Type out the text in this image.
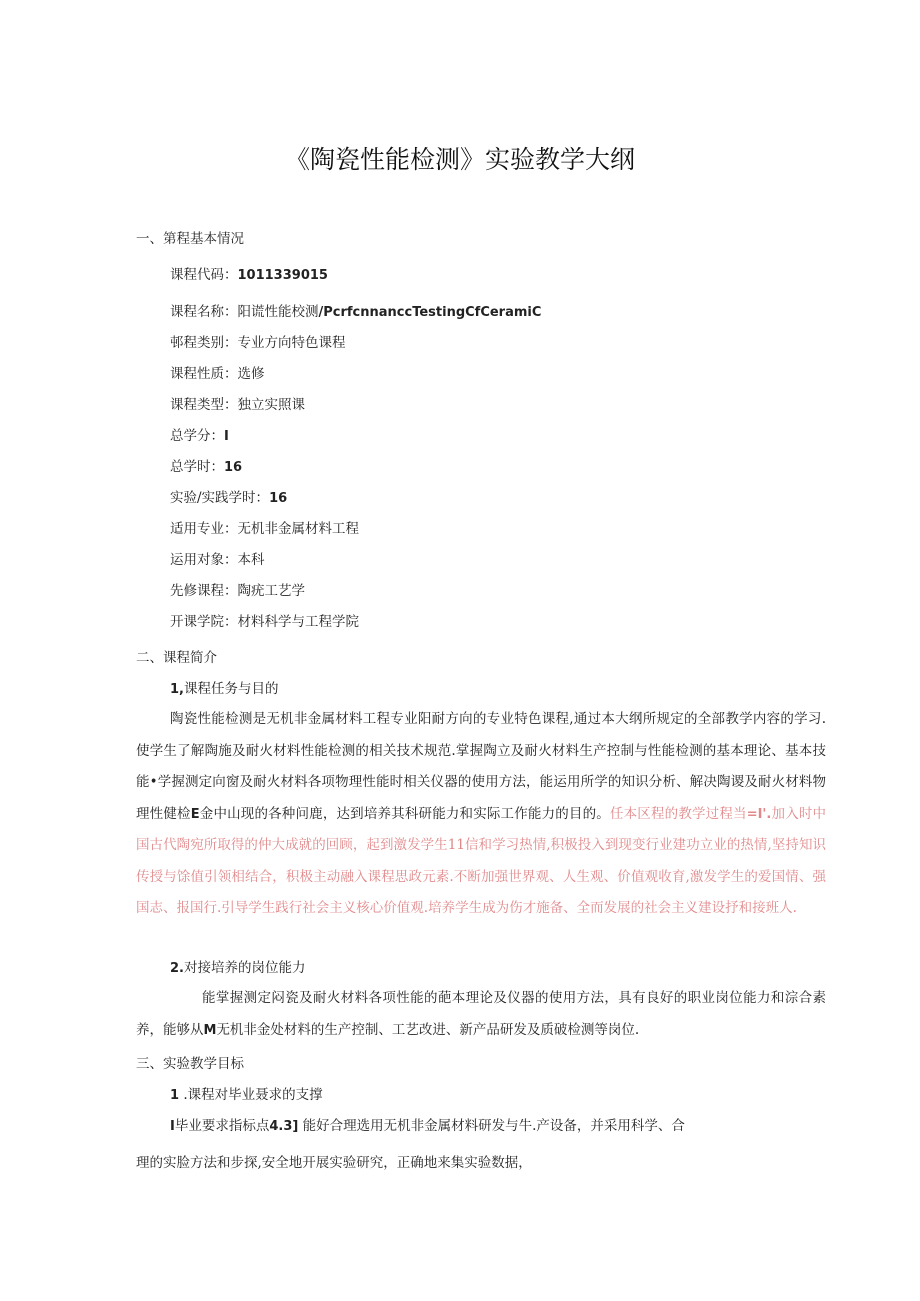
《陶瓷性能检测》实验教学大纲
一、第程基本情况
课程代码：1011339015
课程名称：阳谎性能校测/PcrfcnnanccTestingCfCeramiC
邨程类别：专业方向特色课程
课程性质：选修
课程类型：独立实照课
总学分：I
总学时：16
实验/实践学时：16
适用专业：无机非金属材料工程
运用对象：本科
先修课程：陶疣工艺学
开课学院：材料科学与工程学院
二、课程简介
1,课程任务与目的
陶瓷性能检测是无机非金属材料工程专业阳耐方向的专业特色课程,通过本大纲所规定的全部教学内容的学习.使学生了解陶施及耐火材料性能检测的相关技术规范.掌握陶立及耐火材料生产控制与性能检测的基本理论、基本技能•学握测定向窗及耐火材料各项物理性能时相关仪器的使用方法，能运用所学的知识分析、解决陶谡及耐火材料物理性健检E金中山现的各种问鹿，达到培养其科研能力和实际工作能力的目的。任本区程的教学过程当=I'.加入时中国古代陶宛所取得的仲大成就的回顾，起到激发学生11信和学习热情,积极投入到现变行业建功立业的热情,坚持知识传授与馀值引领相结合，积极主动融入课程思政元素.不断加强世界观、人生观、价值观收育,激发学生的爱国情、强国志、报国行.引导学生践行社会主义核心价值观.培养学生成为伤才施备、全而发展的社会主义建设抒和接班人.
2.对接培养的岗位能力
能掌握测定闷瓷及耐火材料各项性能的葩本理论及仪器的使用方法，具有良好的职业岗位能力和淙合素养，能够从M无机非金处材料的生产控制、工艺改进、新产品研发及质破检测等岗位.
三、实验教学目标
1 .课程对毕业聂求的支撑
I毕业要求指标点4.3] 能好合理选用无机非金属材料研发与牛.产设备，并采用科学、合
理的实脸方法和步探,安全地开展实验研究，正确地来集实验数据，
